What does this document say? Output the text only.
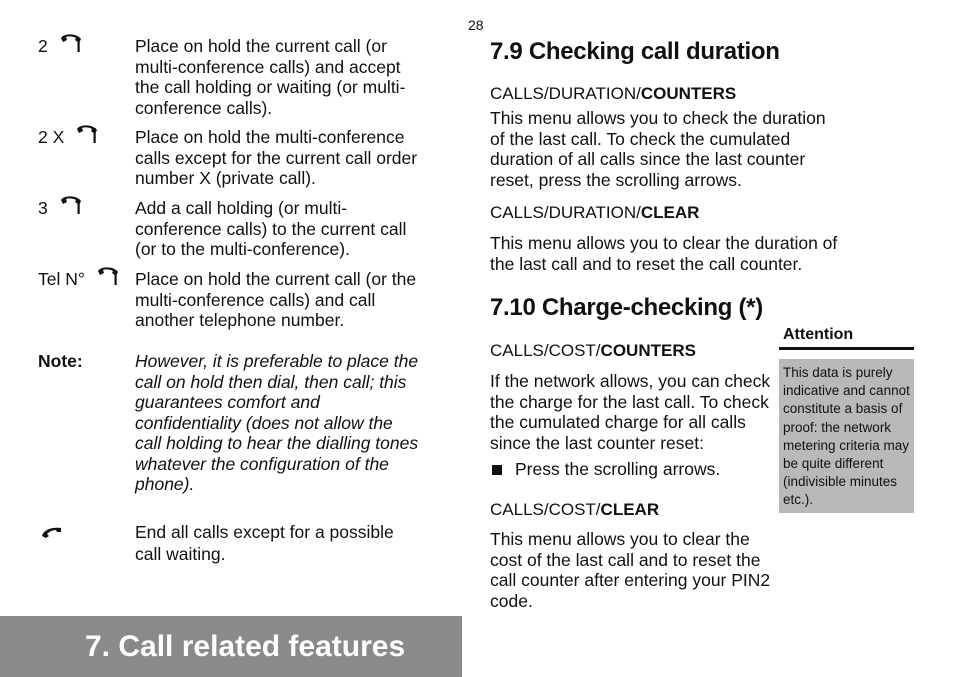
28
2	Place on hold the current call (or multi-conference calls) and accept the call holding or waiting (or multi-conference calls).
2 X	Place on hold the multi-conference calls except for the current call order number X (private call).
3	Add a call holding (or multi-conference calls) to the current call (or to the multi-conference).
Tel N°	Place on hold the current call (or the multi-conference calls) and call another telephone number.
Note:	However, it is preferable to place the call on hold then dial, then call; this guarantees comfort and confidentiality (does not allow the call holding to hear the dialling tones whatever the configuration of the phone).
End all calls except for a possible call waiting.
7. Call related features
7.9 Checking call duration
CALLS/DURATION/COUNTERS
This menu allows you to check the duration of the last call. To check the cumulated duration of all calls since the last counter reset, press the scrolling arrows.
CALLS/DURATION/CLEAR
This menu allows you to clear the duration of the last call and to reset the call counter.
7.10 Charge-checking (*)
CALLS/COST/COUNTERS
If the network allows, you can check the charge for the last call. To check the cumulated charge for all calls since the last counter reset:
Press the scrolling arrows.
CALLS/COST/CLEAR
This menu allows you to clear the cost of the last call and to reset the call counter after entering your PIN2 code.
Attention
This data is purely indicative and cannot constitute a basis of proof: the network metering criteria may be quite different (indivisible minutes etc.).
